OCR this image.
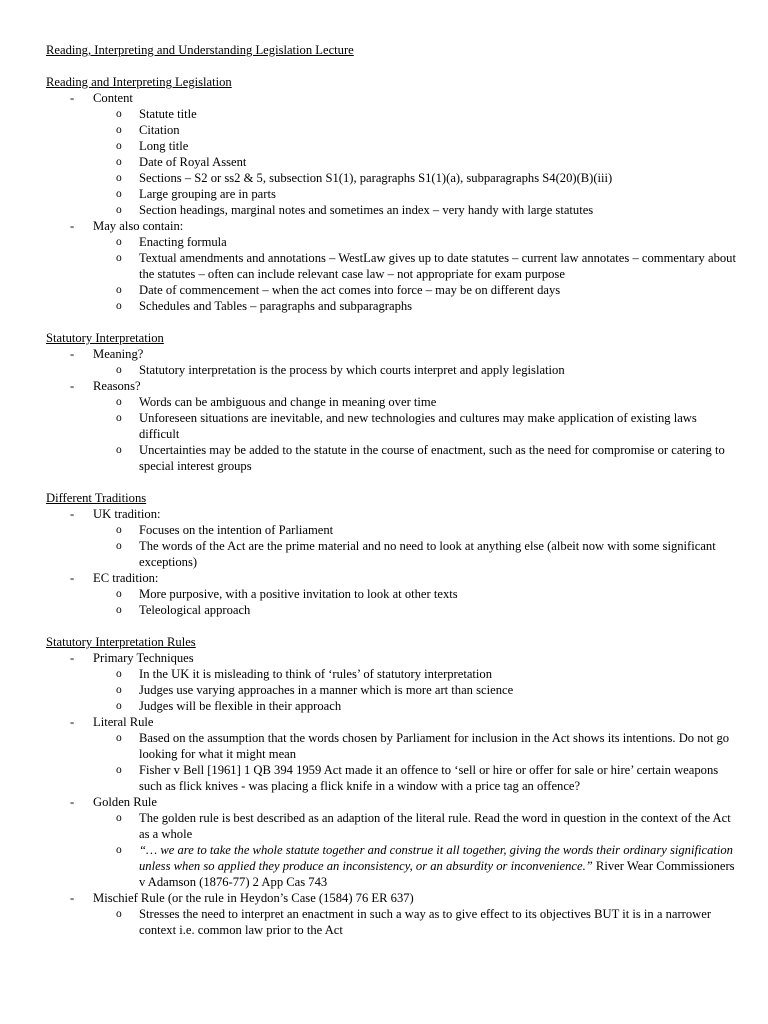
Reading, Interpreting and Understanding Legislation Lecture
Reading and Interpreting Legislation
- Content
o Statute title
o Citation
o Long title
o Date of Royal Assent
o Sections – S2 or ss2 & 5, subsection S1(1), paragraphs S1(1)(a), subparagraphs S4(20)(B)(iii)
o Large grouping are in parts
o Section headings, marginal notes and sometimes an index – very handy with large statutes
- May also contain:
o Enacting formula
o Textual amendments and annotations – WestLaw gives up to date statutes – current law annotates – commentary about the statutes – often can include relevant case law – not appropriate for exam purpose
o Date of commencement – when the act comes into force – may be on different days
o Schedules and Tables – paragraphs and subparagraphs
Statutory Interpretation
- Meaning?
o Statutory interpretation is the process by which courts interpret and apply legislation
- Reasons?
o Words can be ambiguous and change in meaning over time
o Unforeseen situations are inevitable, and new technologies and cultures may make application of existing laws difficult
o Uncertainties may be added to the statute in the course of enactment, such as the need for compromise or catering to special interest groups
Different Traditions
- UK tradition:
o Focuses on the intention of Parliament
o The words of the Act are the prime material and no need to look at anything else (albeit now with some significant exceptions)
- EC tradition:
o More purposive, with a positive invitation to look at other texts
o Teleological approach
Statutory Interpretation Rules
- Primary Techniques
o In the UK it is misleading to think of ‘rules’ of statutory interpretation
o Judges use varying approaches in a manner which is more art than science
o Judges will be flexible in their approach
- Literal Rule
o Based on the assumption that the words chosen by Parliament for inclusion in the Act shows its intentions. Do not go looking for what it might mean
o Fisher v Bell [1961] 1 QB 394 1959 Act made it an offence to ‘sell or hire or offer for sale or hire’ certain weapons such as flick knives - was placing a flick knife in a window with a price tag an offence?
- Golden Rule
o The golden rule is best described as an adaption of the literal rule. Read the word in question in the context of the Act as a whole
o “… we are to take the whole statute together and construe it all together, giving the words their ordinary signification unless when so applied they produce an inconsistency, or an absurdity or inconvenience.” River Wear Commissioners v Adamson (1876-77) 2 App Cas 743
- Mischief Rule (or the rule in Heydon’s Case (1584) 76 ER 637)
o Stresses the need to interpret an enactment in such a way as to give effect to its objectives BUT it is in a narrower context i.e. common law prior to the Act
